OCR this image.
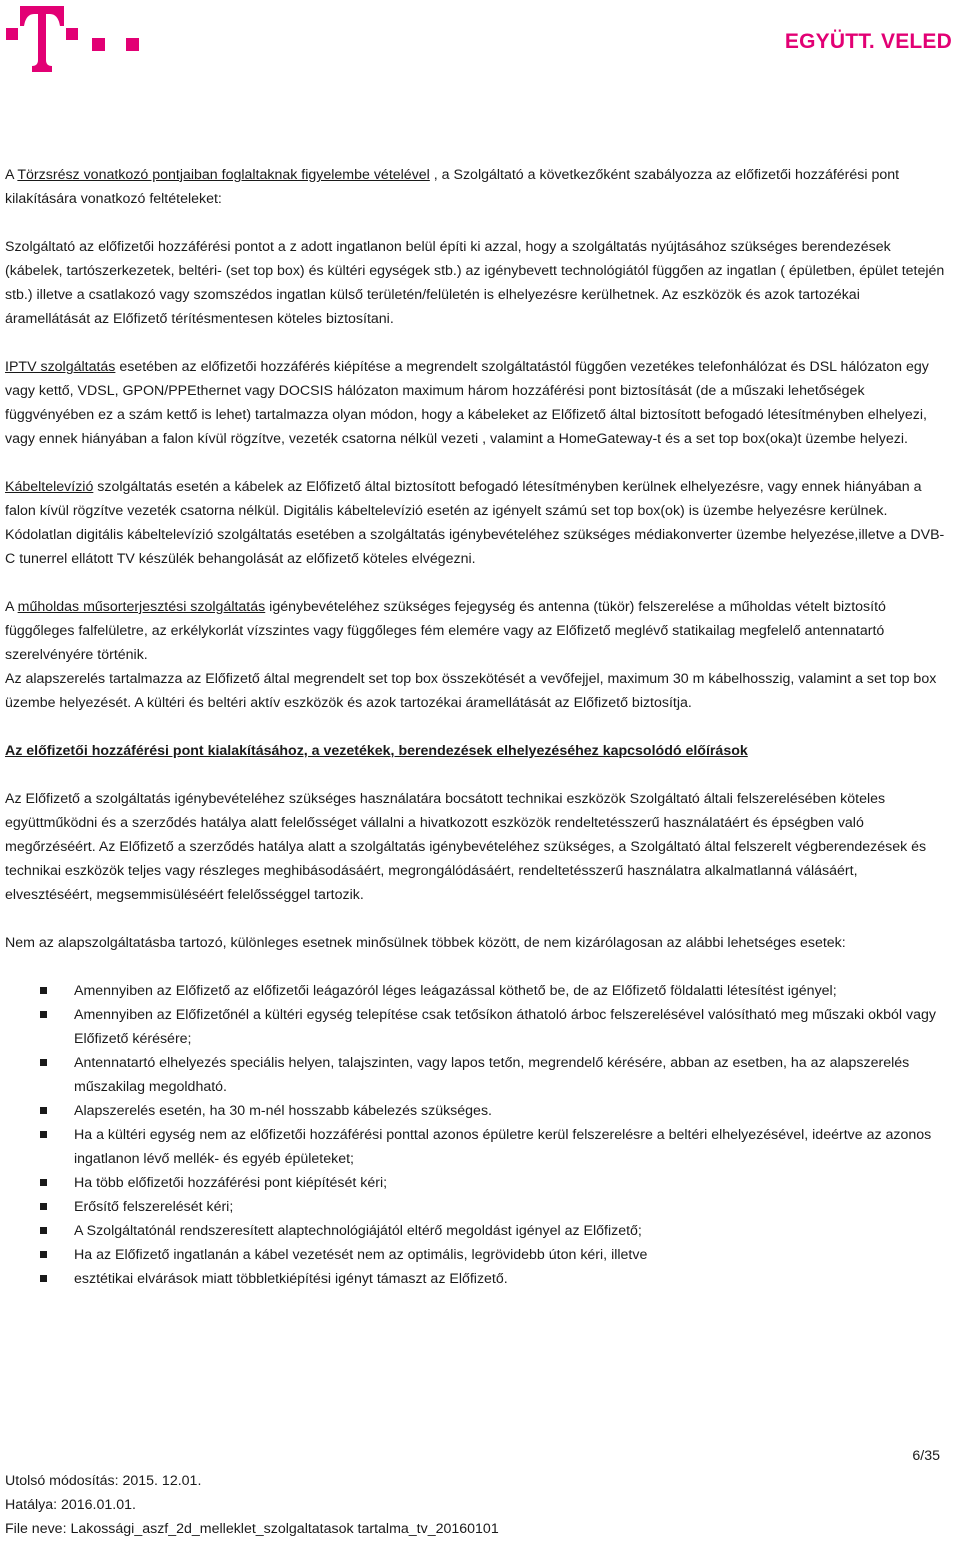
EGYÜTT. VELED

A Törzsrész vonatkozó pontjaiban foglaltaknak figyelembe vételével , a Szolgáltató a következőként szabályozza az előfizetői hozzáférési pont kilakítására vonatkozó feltételeket:

Szolgáltató az előfizetői hozzáférési pontot a z adott ingatlanon belül építi ki azzal, hogy a szolgáltatás nyújtásához szükséges berendezések (kábelek, tartószerkezetek, beltéri- (set top box) és kültéri egységek stb.) az igénybevett technológiától függően az ingatlan ( épületben, épület tetején stb.) illetve a csatlakozó vagy szomszédos ingatlan külső területén/felületén is elhelyezésre kerülhetnek. Az eszközök és azok tartozékai áramellátását az Előfizető térítésmentesen köteles biztosítani.

IPTV szolgáltatás esetében az előfizetői hozzáférés kiépítése a megrendelt szolgáltatástól függően vezetékes telefonhálózat és DSL hálózaton egy vagy kettő, VDSL, GPON/PPEthernet vagy DOCSIS hálózaton maximum három hozzáférési pont biztosítását (de a műszaki lehetőségek függvényében ez a szám kettő is lehet) tartalmazza olyan módon, hogy a kábeleket az Előfizető által biztosított befogadó létesítményben elhelyezi, vagy ennek hiányában a falon kívül rögzítve, vezeték csatorna nélkül vezeti , valamint a HomeGateway-t és a set top box(oka)t üzembe helyezi.

Kábeltelevízió szolgáltatás esetén a kábelek az Előfizető által biztosított befogadó létesítményben kerülnek elhelyezésre, vagy ennek hiányában a falon kívül rögzítve vezeték csatorna nélkül. Digitális kábeltelevízió esetén az igényelt számú set top box(ok) is üzembe helyezésre kerülnek.

Kódolatlan digitális kábeltelevízió szolgáltatás esetében a szolgáltatás igénybevételéhez szükséges médiakonverter üzembe helyezése,illetve a DVB-C tunerrel ellátott TV készülék behangolását az előfizető köteles elvégezni.

A műholdas műsorterjesztési szolgáltatás igénybevételéhez szükséges fejegység és antenna (tükör) felszerelése a műholdas vételt biztosító függőleges falfelületre, az erkélykorlát vízszintes vagy függőleges fém elemére vagy az Előfizető meglévő statikailag megfelelő antennatartó szerelvényére történik.

Az alapszerelés tartalmazza az Előfizető által megrendelt set top box összekötését a vevőfejjel, maximum 30 m kábelhosszig, valamint a set top box üzembe helyezését. A kültéri és beltéri aktív eszközök és azok tartozékai áramellátását az Előfizető biztosítja.

Az előfizetői hozzáférési pont kialakításához, a vezetékek, berendezések elhelyezéséhez kapcsolódó előírások

Az Előfizető a szolgáltatás igénybevételéhez szükséges használatára bocsátott technikai eszközök Szolgáltató általi felszerelésében köteles együttműködni és a szerződés hatálya alatt felelősséget vállalni a hivatkozott eszközök rendeltetésszerű használatáért és épségben való megőrzéséért. Az Előfizető a szerződés hatálya alatt a szolgáltatás igénybevételéhez szükséges, a Szolgáltató által felszerelt végberendezések és technikai eszközök teljes vagy részleges meghibásodásáért, megrongálódásáért, rendeltetésszerű használatra alkalmatlanná válásáért, elvesztéséért, megsemmisüléséért felelősséggel tartozik.

Nem az alapszolgáltatásba tartozó, különleges esetnek minősülnek többek között, de nem kizárólagosan az alábbi lehetséges esetek:

Amennyiben az Előfizető az előfizetői leágazóról léges leágazással köthető be, de az Előfizető földalatti létesítést igényel;
Amennyiben az Előfizetőnél a kültéri egység telepítése csak tetősíkon áthatoló árboc felszerelésével valósítható meg műszaki okból vagy Előfizető kérésére;
Antennatartó elhelyezés speciális helyen, talajszinten, vagy lapos tetőn, megrendelő kérésére, abban az esetben, ha az alapszerelés műszakilag megoldható.
Alapszerelés esetén, ha 30 m-nél hosszabb kábelezés szükséges.
Ha a kültéri egység nem az előfizetői hozzáférési ponttal azonos épületre kerül felszerelésre a beltéri elhelyezésével, ideértve az azonos ingatlanon lévő mellék- és egyéb épületeket;
Ha több előfizetői hozzáférési pont kiépítését kéri;
Erősítő felszerelését kéri;
A Szolgáltatónál rendszeresített alaptechnológiájától eltérő megoldást igényel az Előfizető;
Ha az Előfizető ingatlanán a kábel vezetését nem az optimális, legrövidebb úton kéri, illetve
esztétikai elvárások miatt többletkiépítési igényt támaszt az Előfizető.
6/35
Utolsó módosítás: 2015. 12.01.
Hatálya: 2016.01.01.
File neve: Lakossági_aszf_2d_melleklet_szolgaltatasok tartalma_tv_20160101
